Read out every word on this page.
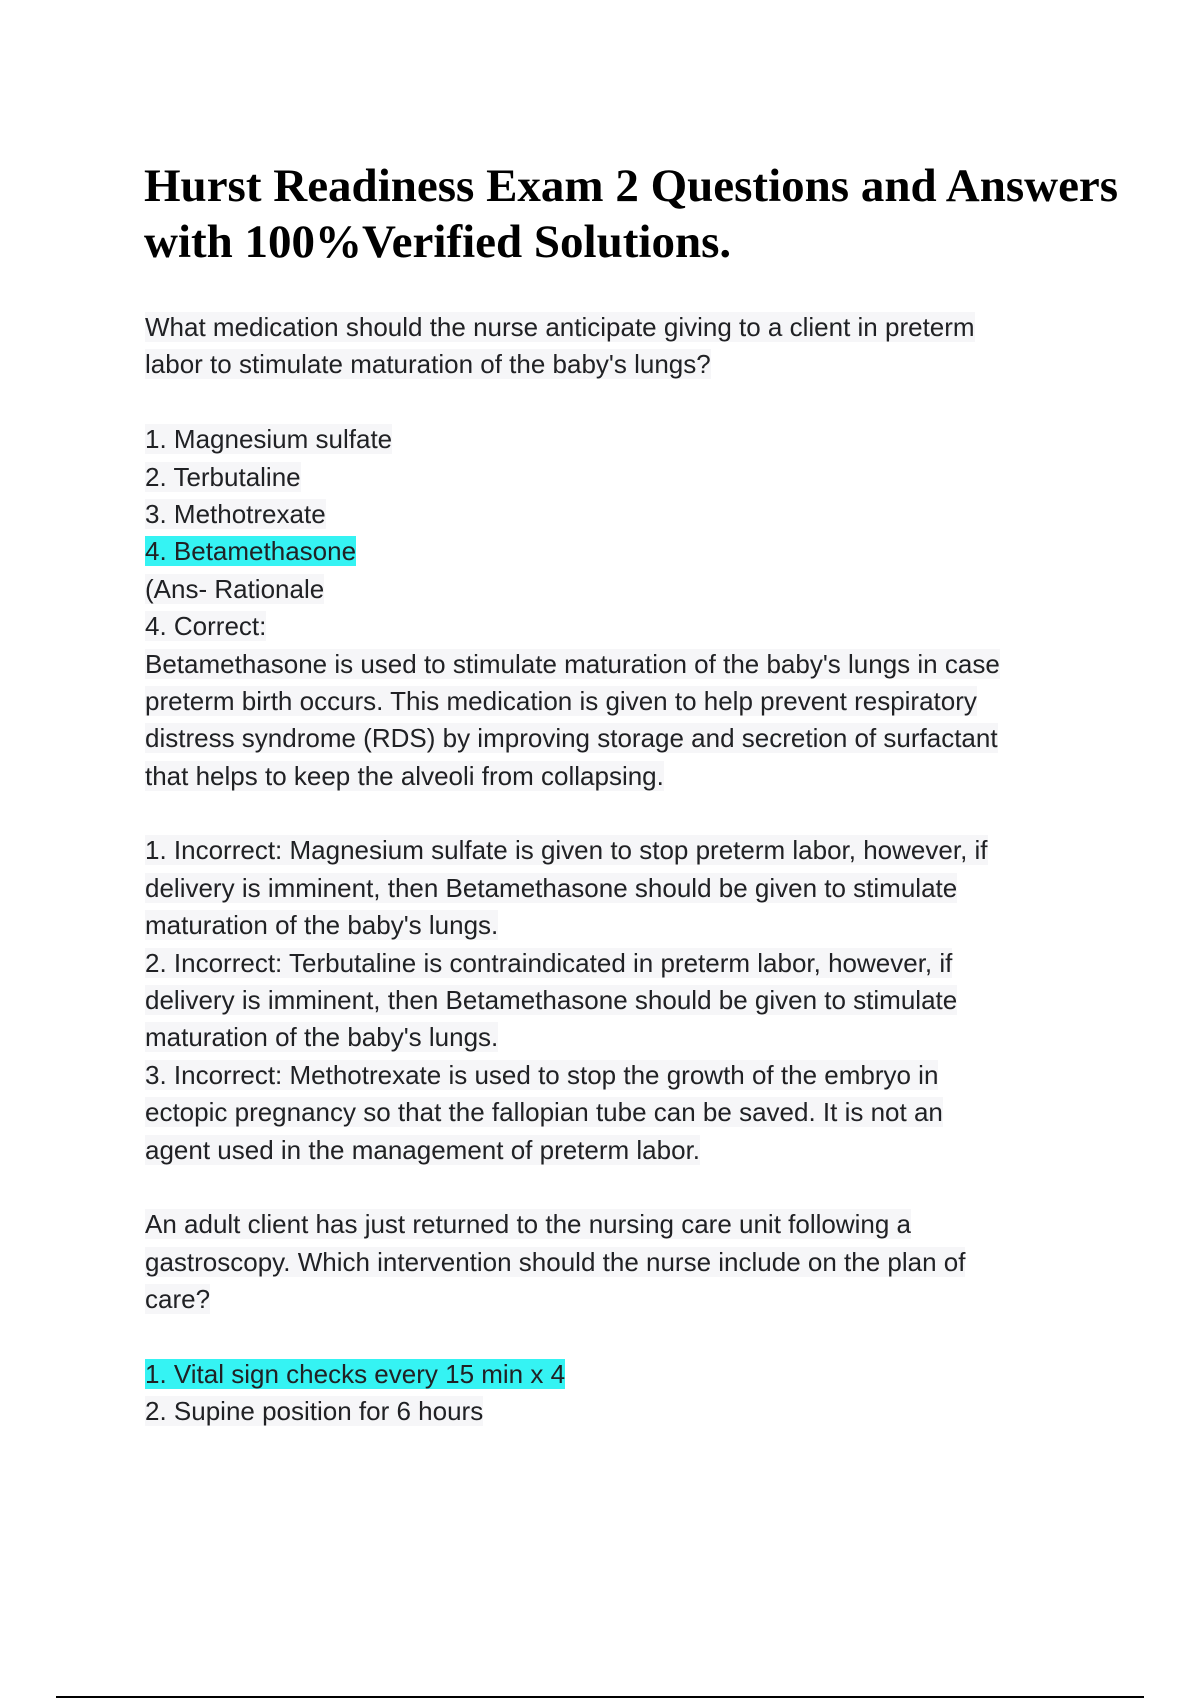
Hurst Readiness Exam 2 Questions and Answers
with 100%Verified Solutions.
What medication should the nurse anticipate giving to a client in preterm
labor to stimulate maturation of the baby's lungs?
1. Magnesium sulfate
2. Terbutaline
3. Methotrexate
4. Betamethasone
(Ans- Rationale
4. Correct:
Betamethasone is used to stimulate maturation of the baby's lungs in case
preterm birth occurs. This medication is given to help prevent respiratory
distress syndrome (RDS) by improving storage and secretion of surfactant
that helps to keep the alveoli from collapsing.
1. Incorrect: Magnesium sulfate is given to stop preterm labor, however, if
delivery is imminent, then Betamethasone should be given to stimulate
maturation of the baby's lungs.
2. Incorrect: Terbutaline is contraindicated in preterm labor, however, if
delivery is imminent, then Betamethasone should be given to stimulate
maturation of the baby's lungs.
3. Incorrect: Methotrexate is used to stop the growth of the embryo in
ectopic pregnancy so that the fallopian tube can be saved. It is not an
agent used in the management of preterm labor.
An adult client has just returned to the nursing care unit following a
gastroscopy. Which intervention should the nurse include on the plan of
care?
1. Vital sign checks every 15 min x 4
2. Supine position for 6 hours
